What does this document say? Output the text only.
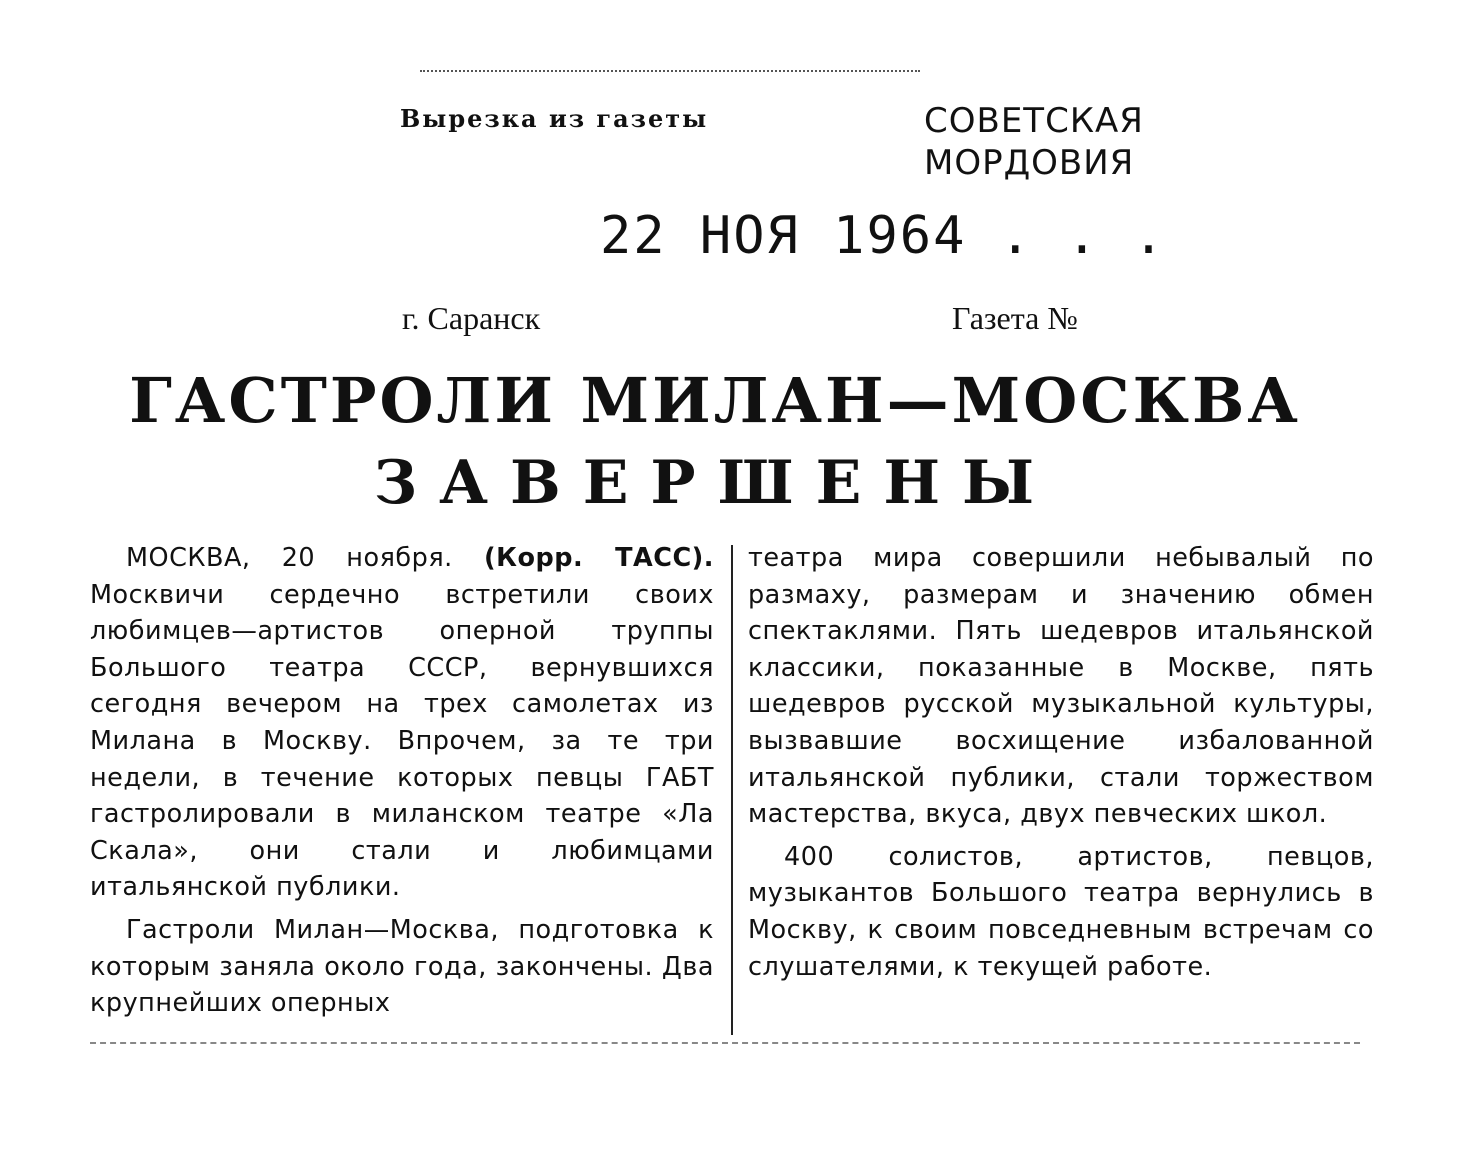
Вырезка из газеты	СОВЕТСКАЯ
МОРДОВИЯ
22 НОЯ 1964 . . .
г. Саранск	Газета №
ГАСТРОЛИ МИЛАН—МОСКВА
ЗАВЕРШЕНЫ

МОСКВА, 20 ноября. (Корр. ТАСС). Москвичи сердечно встретили своих любимцев—артистов оперной труппы Большого театра СССР, вернувшихся сегодня вечером на трех самолетах из Милана в Москву. Впрочем, за те три недели, в течение которых певцы ГАБТ гастролировали в миланском театре «Ла Скала», они стали и любимцами итальянской публики.

Гастроли Милан—Москва, подготовка к которым заняла около года, закончены. Два крупнейших оперных

театра мира совершили небывалый по размаху, размерам и значению обмен спектаклями. Пять шедевров итальянской классики, показанные в Москве, пять шедевров русской музыкальной культуры, вызвавшие восхищение избалованной итальянской публики, стали торжеством мастерства, вкуса, двух певческих школ.

400 солистов, артистов, певцов, музыкантов Большого театра вернулись в Москву, к своим повседневным встречам со слушателями, к текущей работе.
